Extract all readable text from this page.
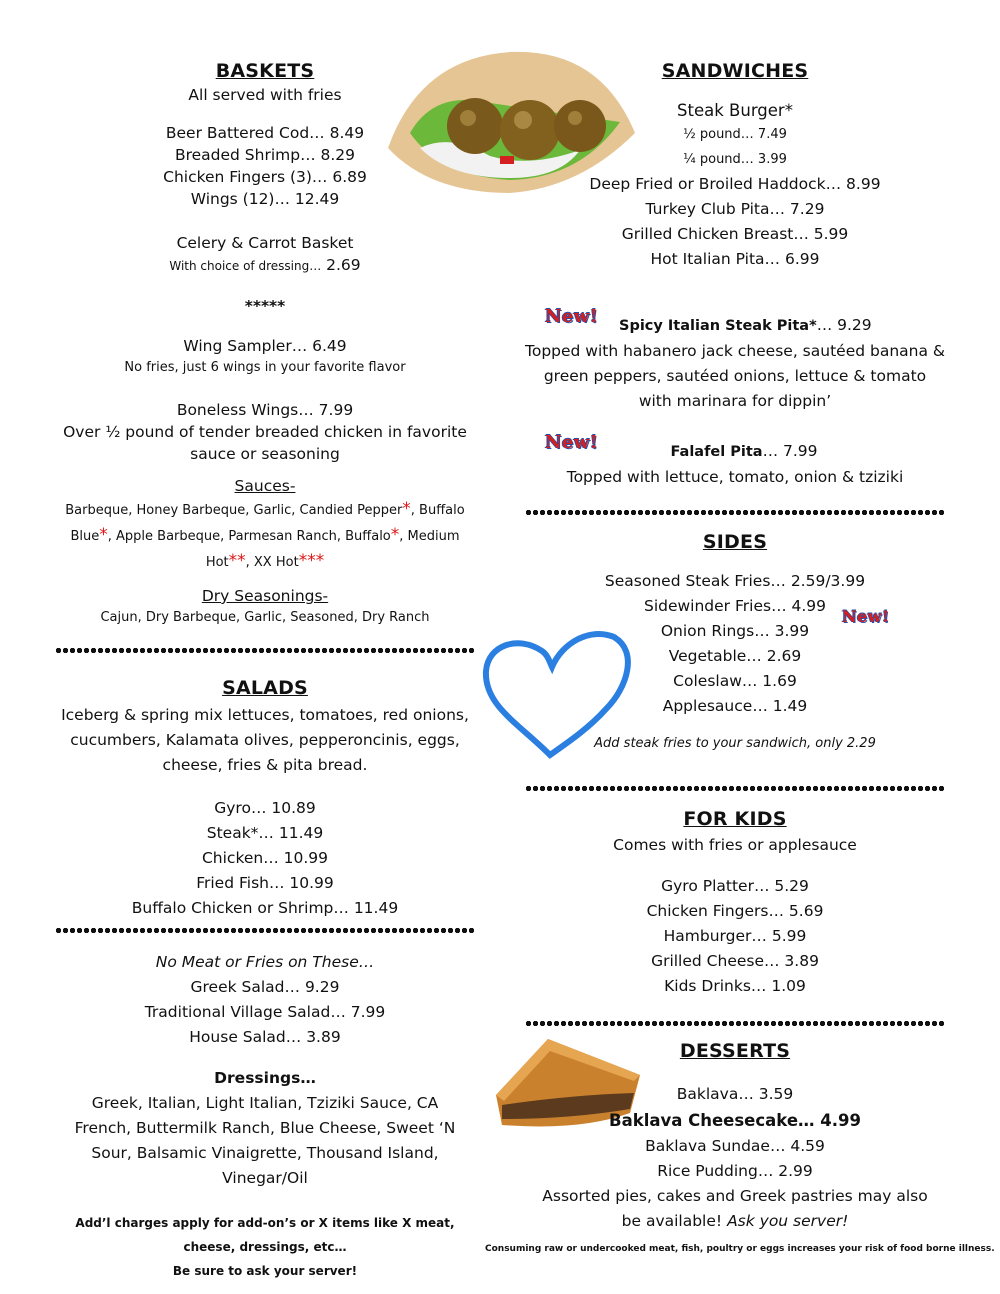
BASKETS
All served with fries
Beer Battered Cod… 8.49
Breaded Shrimp… 8.29
Chicken Fingers (3)… 6.89
Wings (12)… 12.49
Celery & Carrot Basket
With choice of dressing… 2.69
*****
Wing Sampler… 6.49
No fries, just 6 wings in your favorite flavor
Boneless Wings… 7.99
Over ½ pound of tender breaded chicken in favorite sauce or seasoning
Sauces-
Barbeque, Honey Barbeque, Garlic, Candied Pepper*, Buffalo Blue*, Apple Barbeque, Parmesan Ranch, Buffalo*, Medium Hot**, XX Hot***
Dry Seasonings-
Cajun, Dry Barbeque, Garlic, Seasoned, Dry Ranch
SALADS
Iceberg & spring mix lettuces, tomatoes, red onions, cucumbers, Kalamata olives, pepperoncinis, eggs, cheese, fries & pita bread.
Gyro… 10.89
Steak*… 11.49
Chicken… 10.99
Fried Fish… 10.99
Buffalo Chicken or Shrimp… 11.49
No Meat or Fries on These…
Greek Salad… 9.29
Traditional Village Salad… 7.99
House Salad… 3.89
Dressings…
Greek, Italian, Light Italian, Tziziki Sauce, CA French, Buttermilk Ranch, Blue Cheese, Sweet ‘N Sour, Balsamic Vinaigrette, Thousand Island, Vinegar/Oil
Add’l charges apply for add-on’s or X items like X meat, cheese, dressings, etc…
Be sure to ask your server!
SANDWICHES
Steak Burger*
½ pound… 7.49
¼ pound… 3.99
Deep Fried or Broiled Haddock… 8.99
Turkey Club Pita… 7.29
Grilled Chicken Breast… 5.99
Hot Italian Pita… 6.99
New!	Spicy Italian Steak Pita*… 9.29
Topped with habanero jack cheese, sautéed banana & green peppers, sautéed onions, lettuce & tomato with marinara for dippin’
New!	Falafel Pita… 7.99
Topped with lettuce, tomato, onion & tziziki
SIDES
Seasoned Steak Fries… 2.59/3.99
Sidewinder Fries… 4.99
Onion Rings… 3.99
Vegetable… 2.69
Coleslaw… 1.69
Applesauce… 1.49
Add steak fries to your sandwich, only 2.29
New!
FOR KIDS
Comes with fries or applesauce
Gyro Platter… 5.29
Chicken Fingers… 5.69
Hamburger… 5.99
Grilled Cheese… 3.89
Kids Drinks… 1.09
DESSERTS
Baklava… 3.59
Baklava Cheesecake… 4.99
Baklava Sundae… 4.59
Rice Pudding… 2.99
Assorted pies, cakes and Greek pastries may also be available! Ask you server!
Consuming raw or undercooked meat, fish, poultry or eggs increases your risk of food borne illness.
